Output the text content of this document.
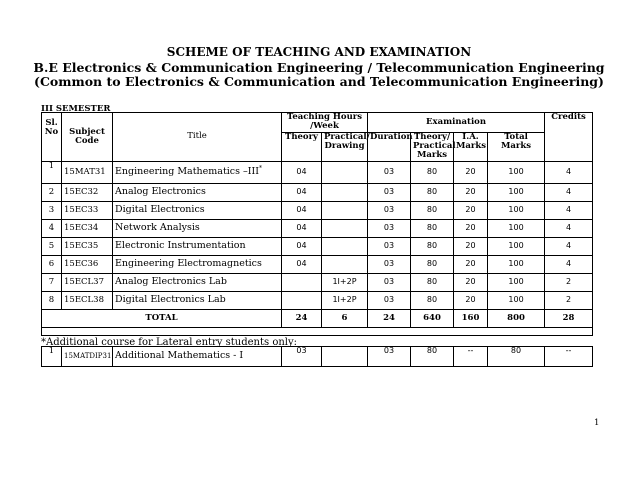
SCHEME OF TEACHING AND EXAMINATION
B.E Electronics & Communication Engineering / Telecommunication Engineering
(Common to Electronics & Communication and Telecommunication Engineering)
III SEMESTER
Sl. No	Subject Code	Title	Teaching Hours /Week		Examination				Credits
			Theory	Practical/ Drawing	Duration	Theory/ Practical Marks	I.A. Marks	Total Marks	
1	15MAT31	Engineering Mathematics –III*	04		03	80	20	100	4
2	15EC32	Analog Electronics	04		03	80	20	100	4
3	15EC33	Digital Electronics	04		03	80	20	100	4
4	15EC34	Network Analysis	04		03	80	20	100	4
5	15EC35	Electronic Instrumentation	04		03	80	20	100	4
6	15EC36	Engineering Electromagnetics	04		03	80	20	100	4
7	15ECL37	Analog Electronics Lab		1I+2P	03	80	20	100	2
8	15ECL38	Digital Electronics Lab		1I+2P	03	80	20	100	2
TOTAL			24	6	24	640	160	800	28

*Additional course for Lateral entry students only:
1	15MATDIP31	Additional Mathematics - I	03		03	80	--	80	--
1
